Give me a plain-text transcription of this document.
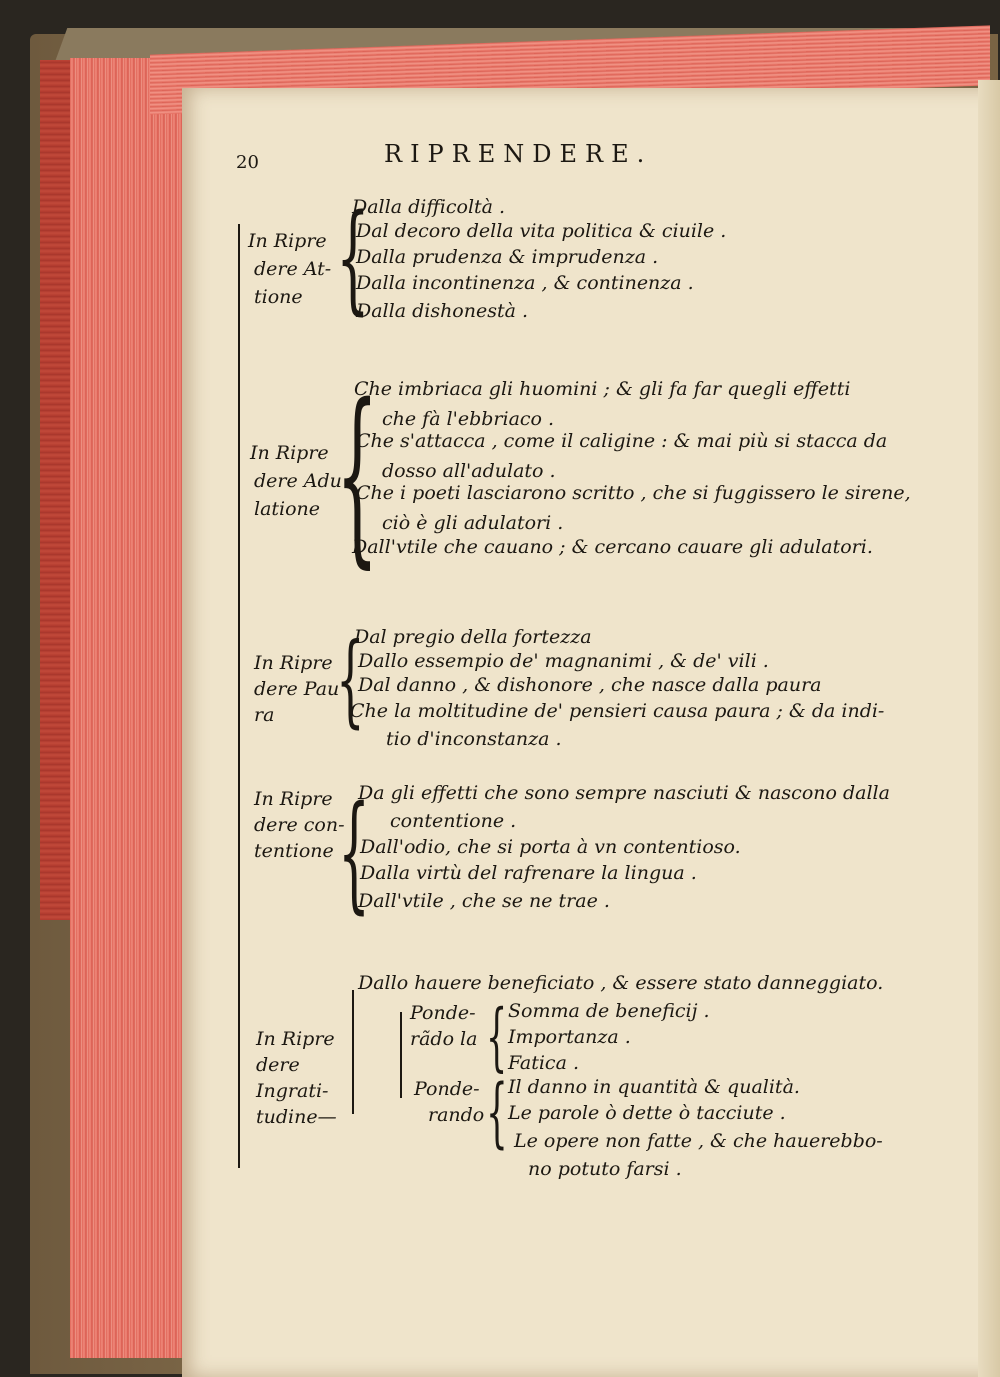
20	RIPRENDERE.
In Ripre
dere At-
tione {
Dalla difficoltà .
Dal decoro della vita politica & ciuile .
Dalla prudenza & imprudenza .
Dalla incontinenza , & continenza .
Dalla dishonestà .
In Ripre
dere Adu
latione {
Che imbriaca gli huomini ; & gli fa far quegli effetti
che fà l'ebbriaco .
Che s'attacca , come il caligine : & mai più si stacca da
dosso all'adulato .
Che i poeti lasciarono scritto , che si fuggissero le sirene,
ciò è gli adulatori .
Dall'vtile che cauano ; & cercano cauare gli adulatori.
In Ripre
dere Pau
ra {
Dal pregio della fortezza
Dallo essempio de' magnanimi , & de' vili .
Dal danno , & dishonore , che nasce dalla paura
Che la moltitudine de' pensieri causa paura ; & da indi-
tio d'inconstanza .
In Ripre
dere con-
tentione {
Da gli effetti che sono sempre nasciuti & nascono dalla
contentione .
Dall'odio, che si porta à vn contentioso.
Dalla virtù del rafrenare la lingua .
Dall'vtile , che se ne trae .
In Ripre
dere
Ingrati-
tudine—
Dallo hauere beneficiato , & essere stato danneggiato.
Ponde-
rãdo la { Somma de beneficij .
Importanza .
Fatica .
Ponde-
rando { Il danno in quantità & qualità.
Le parole ò dette ò tacciute .
Le opere non fatte , & che hauerebbo-
no potuto farsi .
